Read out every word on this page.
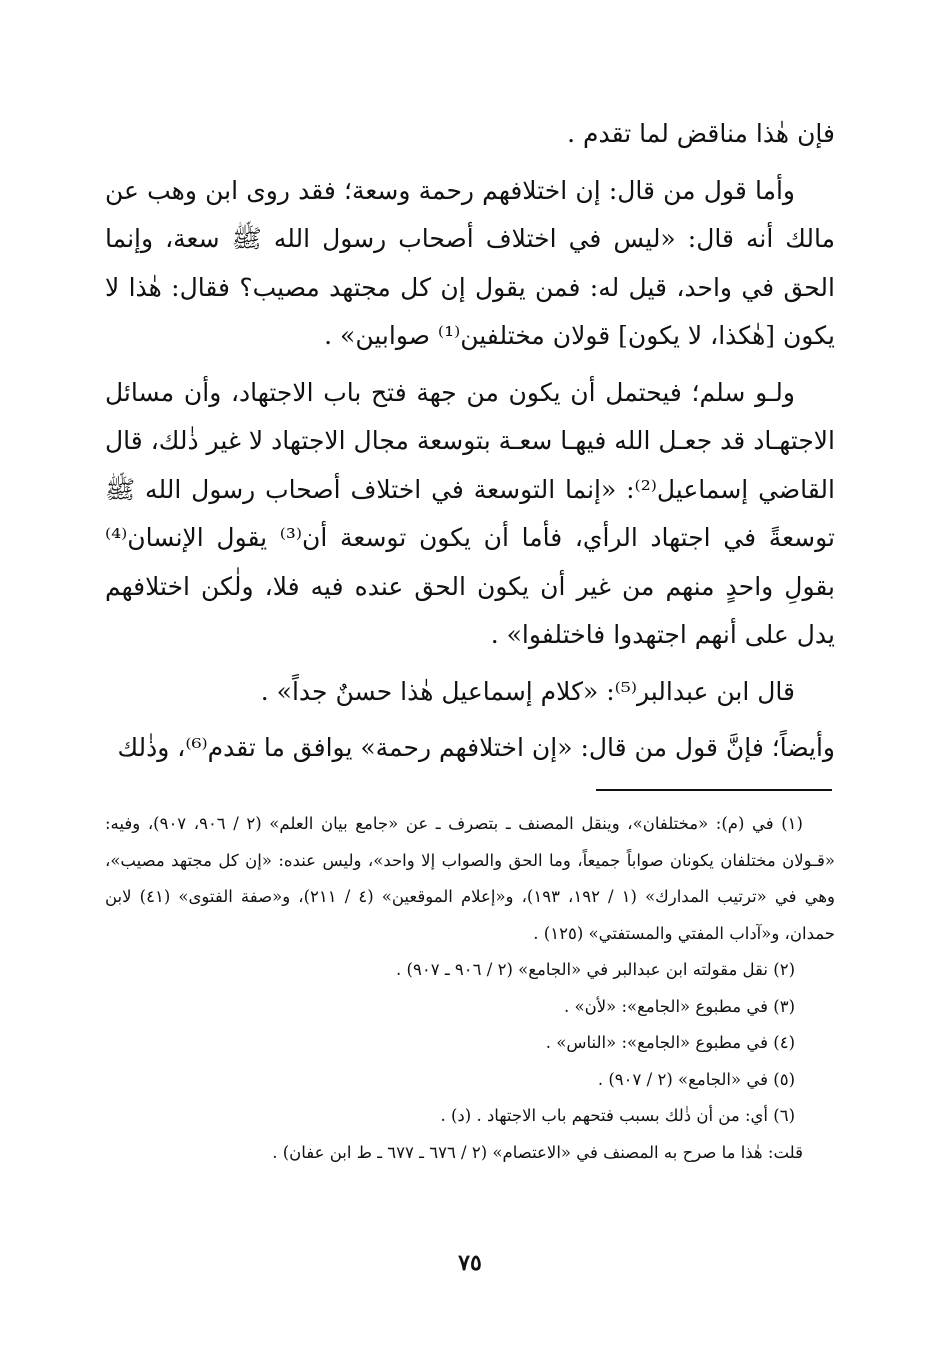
فإن هٰذا مناقض لما تقدم .

وأما قول من قال: إن اختلافهم رحمة وسعة؛ فقد روى ابن وهب عن مالك أنه قال: «ليس في اختلاف أصحاب رسول الله ﷺ سعة، وإنما الحق في واحد، قيل له: فمن يقول إن كل مجتهد مصيب؟ فقال: هٰذا لا يكون [هٰكذا، لا يكون] قولان مختلفين⁽¹⁾ صوابين» .

ولـو سلم؛ فيحتمل أن يكون من جهة فتح باب الاجتهاد، وأن مسائل الاجتهـاد قد جعـل الله فيهـا سعـة بتوسعة مجال الاجتهاد لا غير ذٰلك، قال القاضي إسماعيل⁽²⁾: «إنما التوسعة في اختلاف أصحاب رسول الله ﷺ توسعةً في اجتهاد الرأي، فأما أن يكون توسعة أن⁽³⁾ يقول الإنسان⁽⁴⁾ بقولِ واحدٍ منهم من غير أن يكون الحق عنده فيه فلا، ولٰكن اختلافهم يدل على أنهم اجتهدوا فاختلفوا» .

قال ابن عبدالبر⁽⁵⁾: «كلام إسماعيل هٰذا حسنٌ جداً» .

وأيضاً؛ فإنَّ قول من قال: «إن اختلافهم رحمة» يوافق ما تقدم⁽⁶⁾، وذٰلك

(١) في (م): «مختلفان»، وينقل المصنف ـ بتصرف ـ عن «جامع بيان العلم» (٢ / ٩٠٦، ٩٠٧)، وفيه: «قـولان مختلفان يكونان صواباً جميعاً، وما الحق والصواب إلا واحد»، وليس عنده: «إن كل مجتهد مصيب»، وهي في «ترتيب المدارك» (١ / ١٩٢، ١٩٣)، و«إعلام الموقعين» (٤ / ٢١١)، و«صفة الفتوى» (٤١) لابن حمدان، و«آداب المفتي والمستفتي» (١٢٥) .

(٢) نقل مقولته ابن عبدالبر في «الجامع» (٢ / ٩٠٦ ـ ٩٠٧) .

(٣) في مطبوع «الجامع»: «لأن» .

(٤) في مطبوع «الجامع»: «الناس» .

(٥) في «الجامع» (٢ / ٩٠٧) .

(٦) أي: من أن ذٰلك بسبب فتحهم باب الاجتهاد . (د) .

قلت: هٰذا ما صرح به المصنف في «الاعتصام» (٢ / ٦٧٦ ـ ٦٧٧ ـ ط ابن عفان) .

٧٥
